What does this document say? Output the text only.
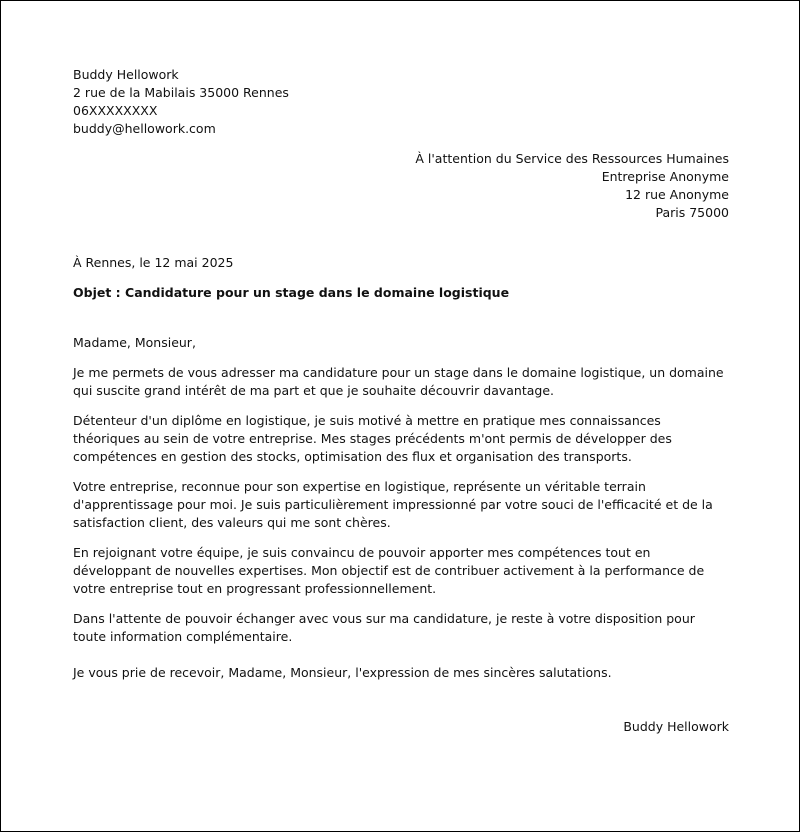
Buddy Hellowork
2 rue de la Mabilais 35000 Rennes
06XXXXXXXX
buddy@hellowork.com
À l'attention du Service des Ressources Humaines
Entreprise Anonyme
12 rue Anonyme
Paris 75000
À Rennes, le 12 mai 2025
Objet : Candidature pour un stage dans le domaine logistique
Madame, Monsieur,

Je me permets de vous adresser ma candidature pour un stage dans le domaine logistique, un domaine qui suscite grand intérêt de ma part et que je souhaite découvrir davantage.

Détenteur d'un diplôme en logistique, je suis motivé à mettre en pratique mes connaissances théoriques au sein de votre entreprise. Mes stages précédents m'ont permis de développer des compétences en gestion des stocks, optimisation des flux et organisation des transports.

Votre entreprise, reconnue pour son expertise en logistique, représente un véritable terrain d'apprentissage pour moi. Je suis particulièrement impressionné par votre souci de l'efficacité et de la satisfaction client, des valeurs qui me sont chères.

En rejoignant votre équipe, je suis convaincu de pouvoir apporter mes compétences tout en développant de nouvelles expertises. Mon objectif est de contribuer activement à la performance de votre entreprise tout en progressant professionnellement.

Dans l'attente de pouvoir échanger avec vous sur ma candidature, je reste à votre disposition pour toute information complémentaire.

Je vous prie de recevoir, Madame, Monsieur, l'expression de mes sincères salutations.
Buddy Hellowork
